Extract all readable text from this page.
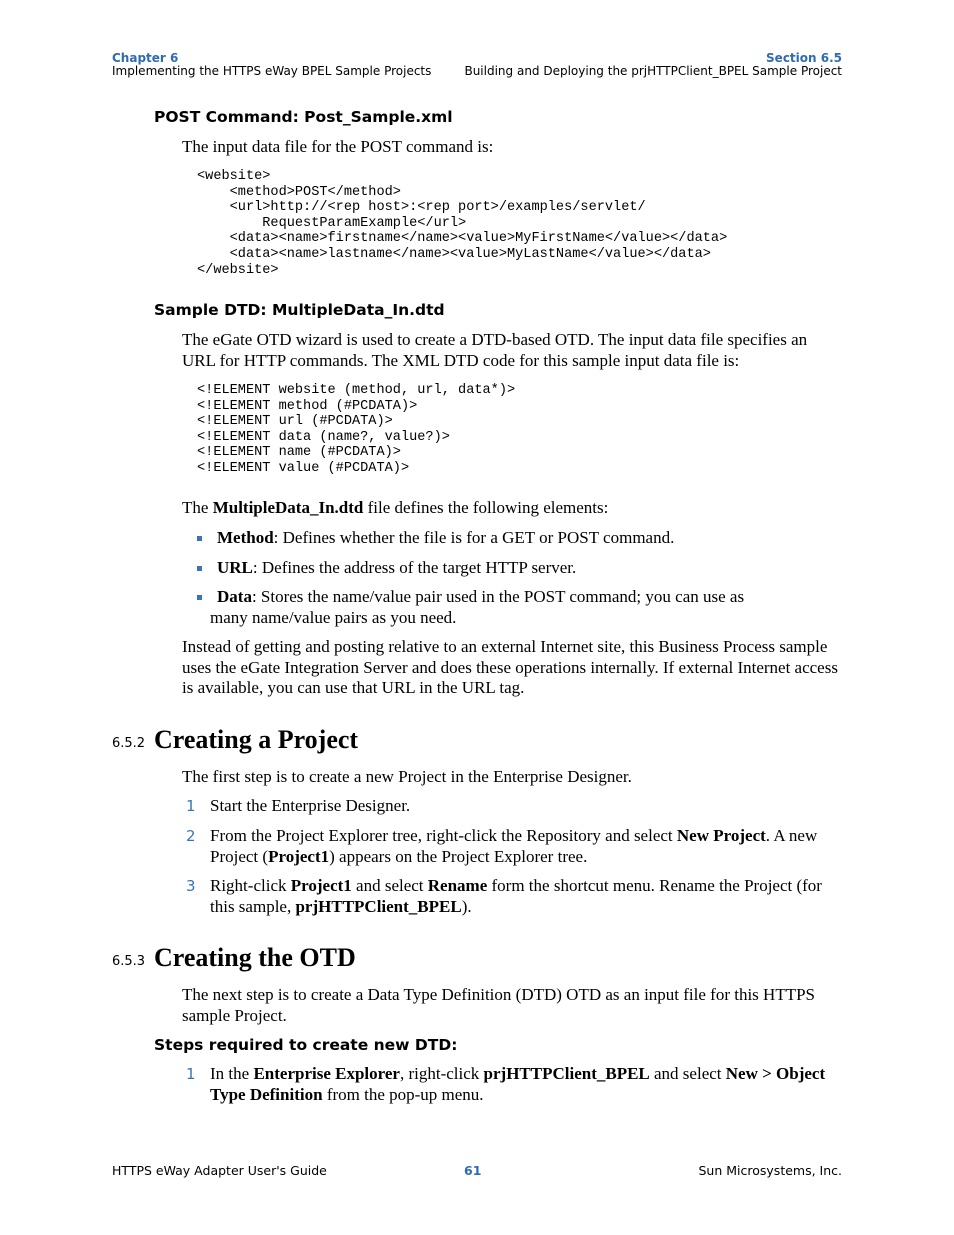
Chapter 6
Implementing the HTTPS eWay BPEL Sample Projects
Section 6.5
Building and Deploying the prjHTTPClient_BPEL Sample Project
POST Command: Post_Sample.xml
The input data file for the POST command is:
<website>
<method>POST</method>
<url>http://<rep host>:<rep port>/examples/servlet/
RequestParamExample</url>
<data><name>firstname</name><value>MyFirstName</value></data>
<data><name>lastname</name><value>MyLastName</value></data>
</website>
Sample DTD: MultipleData_In.dtd
The eGate OTD wizard is used to create a DTD-based OTD. The input data file specifies an URL for HTTP commands. The XML DTD code for this sample input data file is:
<!ELEMENT website (method, url, data*)>
<!ELEMENT method (#PCDATA)>
<!ELEMENT url (#PCDATA)>
<!ELEMENT data (name?, value?)>
<!ELEMENT name (#PCDATA)>
<!ELEMENT value (#PCDATA)>
The MultipleData_In.dtd file defines the following elements:
Method: Defines whether the file is for a GET or POST command.
URL: Defines the address of the target HTTP server.
Data: Stores the name/value pair used in the POST command; you can use as
many name/value pairs as you need.
Instead of getting and posting relative to an external Internet site, this Business Process sample uses the eGate Integration Server and does these operations internally. If external Internet access is available, you can use that URL in the URL tag.
6.5.2 Creating a Project
The first step is to create a new Project in the Enterprise Designer.
1 Start the Enterprise Designer.
2 From the Project Explorer tree, right-click the Repository and select New Project. A new Project (Project1) appears on the Project Explorer tree.
3 Right-click Project1 and select Rename form the shortcut menu. Rename the Project (for this sample, prjHTTPClient_BPEL).
6.5.3 Creating the OTD
The next step is to create a Data Type Definition (DTD) OTD as an input file for this HTTPS sample Project.
Steps required to create new DTD:
1 In the Enterprise Explorer, right-click prjHTTPClient_BPEL and select New > Object Type Definition from the pop-up menu.
HTTPS eWay Adapter User's Guide	61	Sun Microsystems, Inc.
